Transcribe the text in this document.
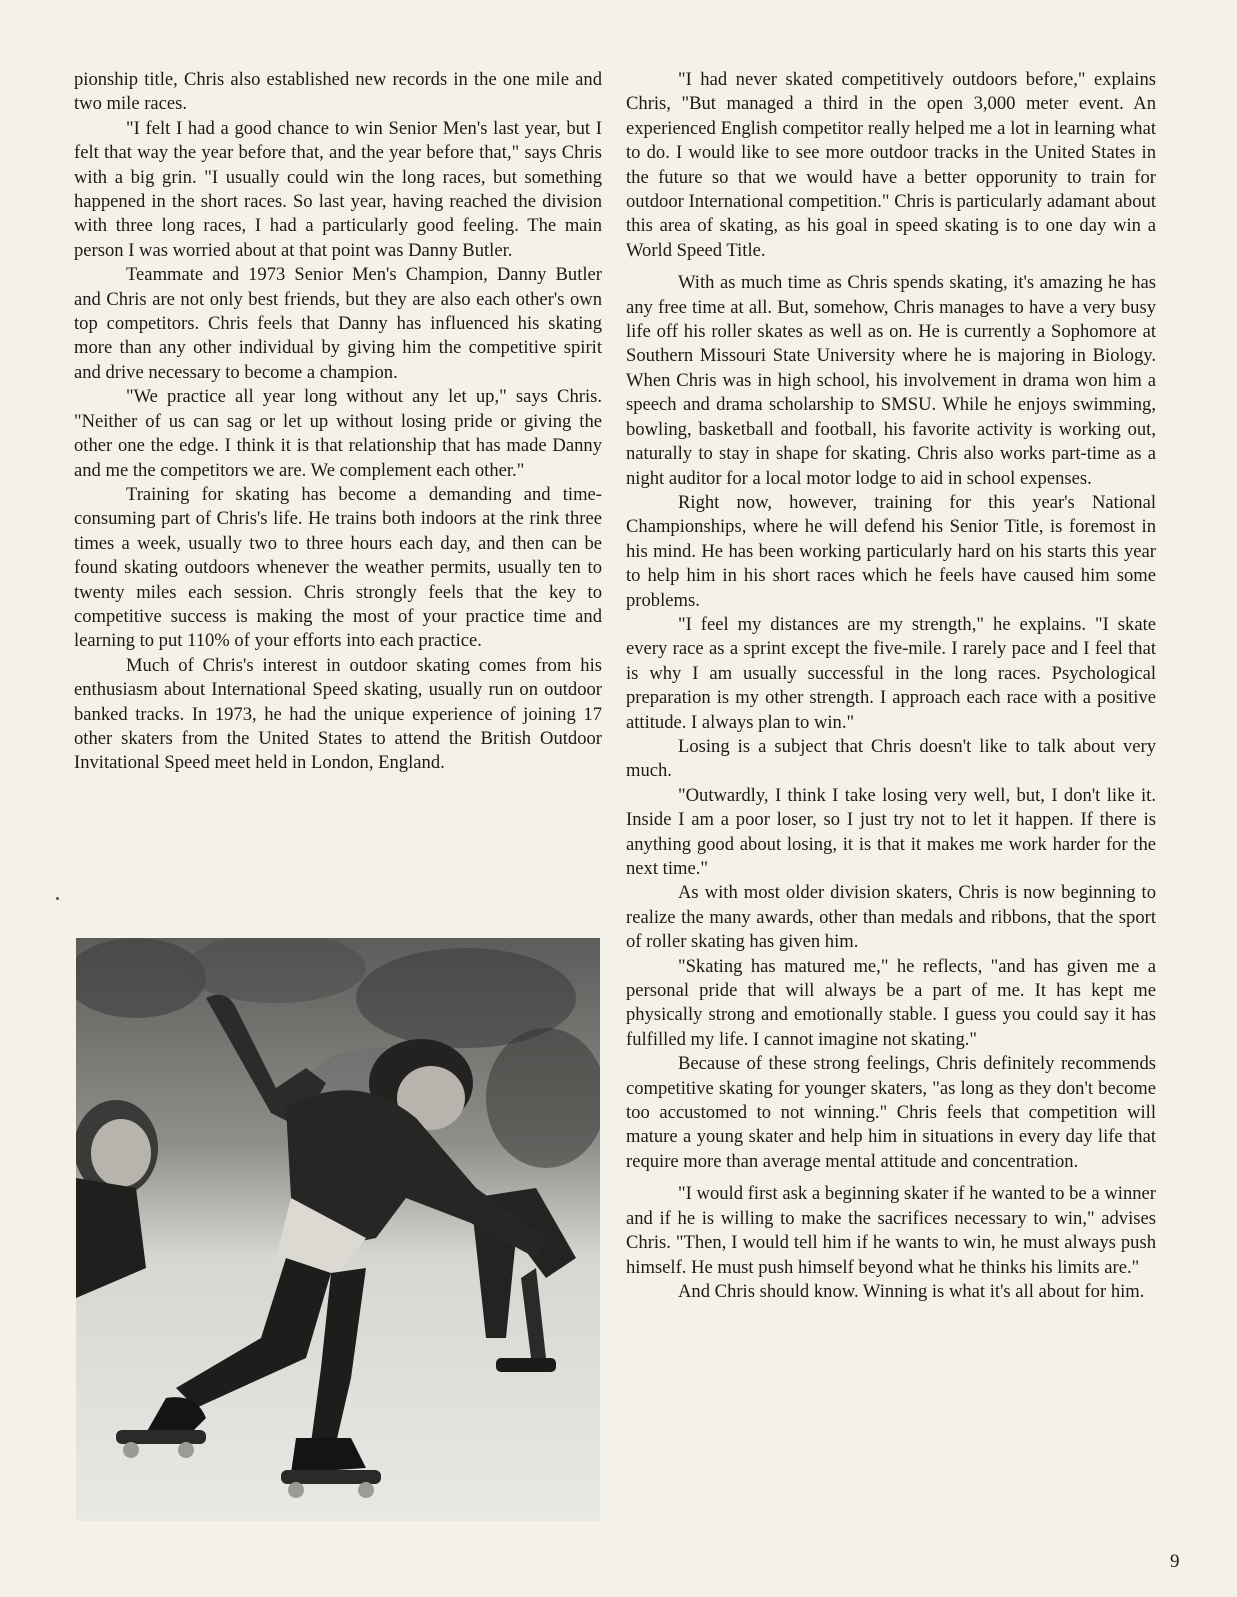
pionship title, Chris also established new records in the one mile and two mile races.

"I felt I had a good chance to win Senior Men's last year, but I felt that way the year before that, and the year before that," says Chris with a big grin. "I usually could win the long races, but something happened in the short races. So last year, having reached the division with three long races, I had a particularly good feeling. The main person I was worried about at that point was Danny Butler.

Teammate and 1973 Senior Men's Champion, Danny Butler and Chris are not only best friends, but they are also each other's own top competitors. Chris feels that Danny has influenced his skating more than any other individual by giving him the competitive spirit and drive necessary to become a champion.

"We practice all year long without any let up," says Chris. "Neither of us can sag or let up without losing pride or giving the other one the edge. I think it is that relationship that has made Danny and me the competitors we are. We complement each other."

Training for skating has become a demanding and time-consuming part of Chris's life. He trains both indoors at the rink three times a week, usually two to three hours each day, and then can be found skating outdoors whenever the weather permits, usually ten to twenty miles each session. Chris strongly feels that the key to competitive success is making the most of your practice time and learning to put 110% of your efforts into each practice.

Much of Chris's interest in outdoor skating comes from his enthusiasm about International Speed skating, usually run on outdoor banked tracks. In 1973, he had the unique experience of joining 17 other skaters from the United States to attend the British Outdoor Invitational Speed meet held in London, England.

"I had never skated competitively outdoors before," explains Chris, "But managed a third in the open 3,000 meter event. An experienced English competitor really helped me a lot in learning what to do. I would like to see more outdoor tracks in the United States in the future so that we would have a better opporunity to train for outdoor International competition." Chris is particularly adamant about this area of skating, as his goal in speed skating is to one day win a World Speed Title.

With as much time as Chris spends skating, it's amazing he has any free time at all. But, somehow, Chris manages to have a very busy life off his roller skates as well as on. He is currently a Sophomore at Southern Missouri State University where he is majoring in Biology. When Chris was in high school, his involvement in drama won him a speech and drama scholarship to SMSU. While he enjoys swimming, bowling, basketball and football, his favorite activity is working out, naturally to stay in shape for skating. Chris also works part-time as a night auditor for a local motor lodge to aid in school expenses.

Right now, however, training for this year's National Championships, where he will defend his Senior Title, is foremost in his mind. He has been working particularly hard on his starts this year to help him in his short races which he feels have caused him some problems.

"I feel my distances are my strength," he explains. "I skate every race as a sprint except the five-mile. I rarely pace and I feel that is why I am usually successful in the long races. Psychological preparation is my other strength. I approach each race with a positive attitude. I always plan to win."

Losing is a subject that Chris doesn't like to talk about very much.

"Outwardly, I think I take losing very well, but, I don't like it. Inside I am a poor loser, so I just try not to let it happen. If there is anything good about losing, it is that it makes me work harder for the next time."

As with most older division skaters, Chris is now beginning to realize the many awards, other than medals and ribbons, that the sport of roller skating has given him.

"Skating has matured me," he reflects, "and has given me a personal pride that will always be a part of me. It has kept me physically strong and emotionally stable. I guess you could say it has fulfilled my life. I cannot imagine not skating."

Because of these strong feelings, Chris definitely recommends competitive skating for younger skaters, "as long as they don't become too accustomed to not winning." Chris feels that competition will mature a young skater and help him in situations in every day life that require more than average mental attitude and concentration.

"I would first ask a beginning skater if he wanted to be a winner and if he is willing to make the sacrifices necessary to win," advises Chris. "Then, I would tell him if he wants to win, he must always push himself. He must push himself beyond what he thinks his limits are."

And Chris should know. Winning is what it's all about for him.

9
